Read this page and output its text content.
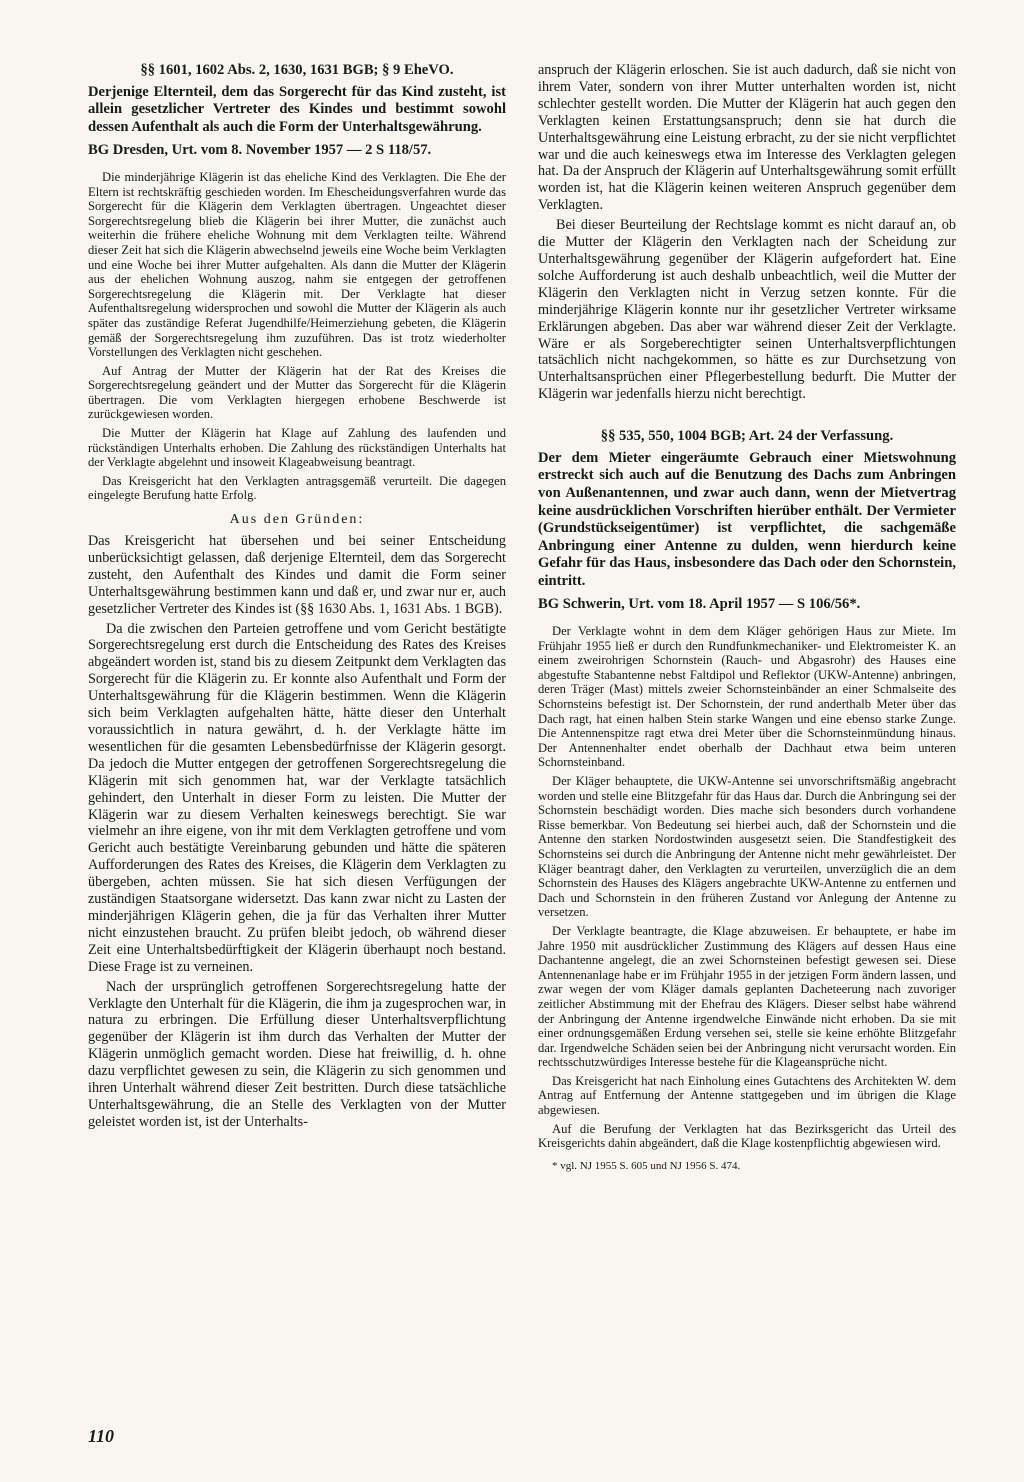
§§ 1601, 1602 Abs. 2, 1630, 1631 BGB; § 9 EheVO.
Derjenige Elternteil, dem das Sorgerecht für das Kind zusteht, ist allein gesetzlicher Vertreter des Kindes und bestimmt sowohl dessen Aufenthalt als auch die Form der Unterhaltsgewährung.
BG Dresden, Urt. vom 8. November 1957 — 2 S 118/57.

Die minderjährige Klägerin ist das eheliche Kind des Verklagten. Die Ehe der Eltern ist rechtskräftig geschieden worden. Im Ehescheidungsverfahren wurde das Sorgerecht für die Klägerin dem Verklagten übertragen. Ungeachtet dieser Sorgerechtsregelung blieb die Klägerin bei ihrer Mutter, die zunächst auch weiterhin die frühere eheliche Wohnung mit dem Verklagten teilte. Während dieser Zeit hat sich die Klägerin abwechselnd jeweils eine Woche beim Verklagten und eine Woche bei ihrer Mutter aufgehalten. Als dann die Mutter der Klägerin aus der ehelichen Wohnung auszog, nahm sie entgegen der getroffenen Sorgerechtsregelung die Klägerin mit. Der Verklagte hat dieser Aufenthaltsregelung widersprochen und sowohl die Mutter der Klägerin als auch später das zuständige Referat Jugendhilfe/Heimerziehung gebeten, die Klägerin gemäß der Sorgerechtsregelung ihm zuzuführen. Das ist trotz wiederholter Vorstellungen des Verklagten nicht geschehen.

Auf Antrag der Mutter der Klägerin hat der Rat des Kreises die Sorgerechtsregelung geändert und der Mutter das Sorgerecht für die Klägerin übertragen. Die vom Verklagten hiergegen erhobene Beschwerde ist zurückgewiesen worden.

Die Mutter der Klägerin hat Klage auf Zahlung des laufenden und rückständigen Unterhalts erhoben. Die Zahlung des rückständigen Unterhalts hat der Verklagte abgelehnt und insoweit Klageabweisung beantragt.

Das Kreisgericht hat den Verklagten antragsgemäß verurteilt. Die dagegen eingelegte Berufung hatte Erfolg.

Aus den Gründen:

Das Kreisgericht hat übersehen und bei seiner Entscheidung unberücksichtigt gelassen, daß derjenige Elternteil, dem das Sorgerecht zusteht, den Aufenthalt des Kindes und damit die Form seiner Unterhaltsgewährung bestimmen kann und daß er, und zwar nur er, auch gesetzlicher Vertreter des Kindes ist (§§ 1630 Abs. 1, 1631 Abs. 1 BGB).

Da die zwischen den Parteien getroffene und vom Gericht bestätigte Sorgerechtsregelung erst durch die Entscheidung des Rates des Kreises abgeändert worden ist, stand bis zu diesem Zeitpunkt dem Verklagten das Sorgerecht für die Klägerin zu. Er konnte also Aufenthalt und Form der Unterhaltsgewährung für die Klägerin bestimmen. Wenn die Klägerin sich beim Verklagten aufgehalten hätte, hätte dieser den Unterhalt voraussichtlich in natura gewährt, d. h. der Verklagte hätte im wesentlichen für die gesamten Lebensbedürfnisse der Klägerin gesorgt. Da jedoch die Mutter entgegen der getroffenen Sorgerechtsregelung die Klägerin mit sich genommen hat, war der Verklagte tatsächlich gehindert, den Unterhalt in dieser Form zu leisten. Die Mutter der Klägerin war zu diesem Verhalten keineswegs berechtigt. Sie war vielmehr an ihre eigene, von ihr mit dem Verklagten getroffene und vom Gericht auch bestätigte Vereinbarung gebunden und hätte die späteren Aufforderungen des Rates des Kreises, die Klägerin dem Verklagten zu übergeben, achten müssen. Sie hat sich diesen Verfügungen der zuständigen Staatsorgane widersetzt. Das kann zwar nicht zu Lasten der minderjährigen Klägerin gehen, die ja für das Verhalten ihrer Mutter nicht einzustehen braucht. Zu prüfen bleibt jedoch, ob während dieser Zeit eine Unterhaltsbedürftigkeit der Klägerin überhaupt noch bestand. Diese Frage ist zu verneinen.

Nach der ursprünglich getroffenen Sorgerechtsregelung hatte der Verklagte den Unterhalt für die Klägerin, die ihm ja zugesprochen war, in natura zu erbringen. Die Erfüllung dieser Unterhaltsverpflichtung gegenüber der Klägerin ist ihm durch das Verhalten der Mutter der Klägerin unmöglich gemacht worden. Diese hat freiwillig, d. h. ohne dazu verpflichtet gewesen zu sein, die Klägerin zu sich genommen und ihren Unterhalt während dieser Zeit bestritten. Durch diese tatsächliche Unterhaltsgewährung, die an Stelle des Verklagten von der Mutter geleistet worden ist, ist der Unterhalts-

anspruch der Klägerin erloschen. Sie ist auch dadurch, daß sie nicht von ihrem Vater, sondern von ihrer Mutter unterhalten worden ist, nicht schlechter gestellt worden. Die Mutter der Klägerin hat auch gegen den Verklagten keinen Erstattungsanspruch; denn sie hat durch die Unterhaltsgewährung eine Leistung erbracht, zu der sie nicht verpflichtet war und die auch keineswegs etwa im Interesse des Verklagten gelegen hat. Da der Anspruch der Klägerin auf Unterhaltsgewährung somit erfüllt worden ist, hat die Klägerin keinen weiteren Anspruch gegenüber dem Verklagten.

Bei dieser Beurteilung der Rechtslage kommt es nicht darauf an, ob die Mutter der Klägerin den Verklagten nach der Scheidung zur Unterhaltsgewährung gegenüber der Klägerin aufgefordert hat. Eine solche Aufforderung ist auch deshalb unbeachtlich, weil die Mutter der Klägerin den Verklagten nicht in Verzug setzen konnte. Für die minderjährige Klägerin konnte nur ihr gesetzlicher Vertreter wirksame Erklärungen abgeben. Das aber war während dieser Zeit der Verklagte. Wäre er als Sorgeberechtigter seinen Unterhaltsverpflichtungen tatsächlich nicht nachgekommen, so hätte es zur Durchsetzung von Unterhaltsansprüchen einer Pflegerbestellung bedurft. Die Mutter der Klägerin war jedenfalls hierzu nicht berechtigt.

§§ 535, 550, 1004 BGB; Art. 24 der Verfassung.
Der dem Mieter eingeräumte Gebrauch einer Mietswohnung erstreckt sich auch auf die Benutzung des Dachs zum Anbringen von Außenantennen, und zwar auch dann, wenn der Mietvertrag keine ausdrücklichen Vorschriften hierüber enthält. Der Vermieter (Grundstückseigentümer) ist verpflichtet, die sachgemäße Anbringung einer Antenne zu dulden, wenn hierdurch keine Gefahr für das Haus, insbesondere das Dach oder den Schornstein, eintritt.
BG Schwerin, Urt. vom 18. April 1957 — S 106/56*.

Der Verklagte wohnt in dem dem Kläger gehörigen Haus zur Miete. Im Frühjahr 1955 ließ er durch den Rundfunkmechaniker- und Elektromeister K. an einem zweirohrigen Schornstein (Rauch- und Abgasrohr) des Hauses eine abgestufte Stabantenne nebst Faltdipol und Reflektor (UKW-Antenne) anbringen, deren Träger (Mast) mittels zweier Schornsteinbänder an einer Schmalseite des Schornsteins befestigt ist. Der Schornstein, der rund anderthalb Meter über das Dach ragt, hat einen halben Stein starke Wangen und eine ebenso starke Zunge. Die Antennenspitze ragt etwa drei Meter über die Schornsteinmündung hinaus. Der Antennenhalter endet oberhalb der Dachhaut etwa beim unteren Schornsteinband.

Der Kläger behauptete, die UKW-Antenne sei unvorschriftsmäßig angebracht worden und stelle eine Blitzgefahr für das Haus dar. Durch die Anbringung sei der Schornstein beschädigt worden. Dies mache sich besonders durch vorhandene Risse bemerkbar. Von Bedeutung sei hierbei auch, daß der Schornstein und die Antenne den starken Nordostwinden ausgesetzt seien. Die Standfestigkeit des Schornsteins sei durch die Anbringung der Antenne nicht mehr gewährleistet. Der Kläger beantragt daher, den Verklagten zu verurteilen, unverzüglich die an dem Schornstein des Hauses des Klägers angebrachte UKW-Antenne zu entfernen und Dach und Schornstein in den früheren Zustand vor Anlegung der Antenne zu versetzen.

Der Verklagte beantragte, die Klage abzuweisen. Er behauptete, er habe im Jahre 1950 mit ausdrücklicher Zustimmung des Klägers auf dessen Haus eine Dachantenne angelegt, die an zwei Schornsteinen befestigt gewesen sei. Diese Antennenanlage habe er im Frühjahr 1955 in der jetzigen Form ändern lassen, und zwar wegen der vom Kläger damals geplanten Dacheteerung nach zuvoriger zeitlicher Abstimmung mit der Ehefrau des Klägers. Dieser selbst habe während der Anbringung der Antenne irgendwelche Einwände nicht erhoben. Da sie mit einer ordnungsgemäßen Erdung versehen sei, stelle sie keine erhöhte Blitzgefahr dar. Irgendwelche Schäden seien bei der Anbringung nicht verursacht worden. Ein rechtsschutzwürdiges Interesse bestehe für die Klageansprüche nicht.

Das Kreisgericht hat nach Einholung eines Gutachtens des Architekten W. dem Antrag auf Entfernung der Antenne stattgegeben und im übrigen die Klage abgewiesen.

Auf die Berufung der Verklagten hat das Bezirksgericht das Urteil des Kreisgerichts dahin abgeändert, daß die Klage kostenpflichtig abgewiesen wird.

* vgl. NJ 1955 S. 605 und NJ 1956 S. 474.
110
